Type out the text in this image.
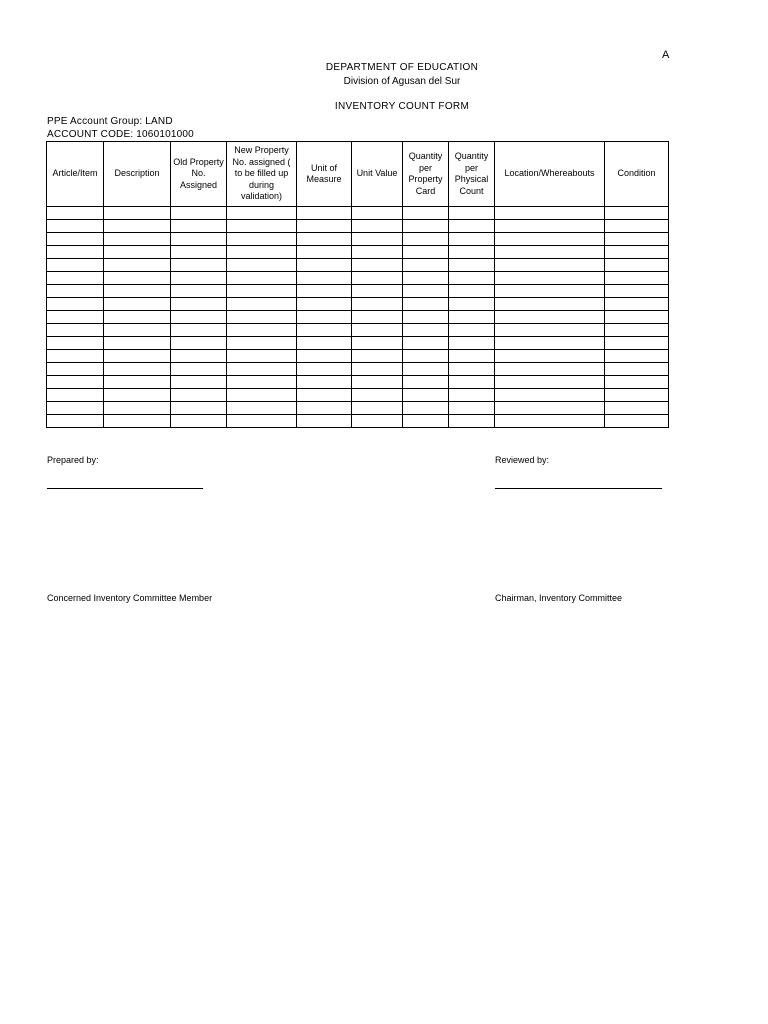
A
DEPARTMENT OF EDUCATION
Division of Agusan del Sur
INVENTORY COUNT FORM
PPE Account Group: LAND
ACCOUNT CODE: 1060101000
Article/Item	Description	Old Property No. Assigned	New Property No. assigned ( to be filled up during validation)	Unit of Measure	Unit Value	Quantity per Property Card	Quantity per Physical Count	Location/Whereabouts	Condition

Prepared by:	Reviewed by:
Concerned Inventory Committee Member	Chairman, Inventory Committee
